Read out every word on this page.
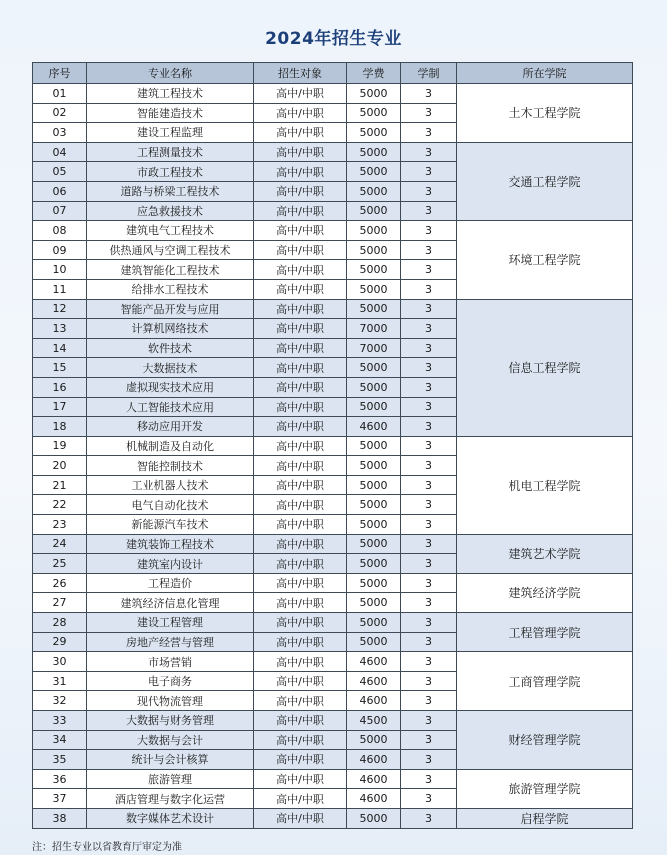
2024年招生专业
序号	专业名称	招生对象	学费	学制	所在学院
01	建筑工程技术	高中/中职	5000	3	土木工程学院
02	智能建造技术	高中/中职	5000	3	
03	建设工程监理	高中/中职	5000	3	
04	工程测量技术	高中/中职	5000	3	交通工程学院
05	市政工程技术	高中/中职	5000	3	
06	道路与桥梁工程技术	高中/中职	5000	3	
07	应急救援技术	高中/中职	5000	3	
08	建筑电气工程技术	高中/中职	5000	3	环境工程学院
09	供热通风与空调工程技术	高中/中职	5000	3	
10	建筑智能化工程技术	高中/中职	5000	3	
11	给排水工程技术	高中/中职	5000	3	
12	智能产品开发与应用	高中/中职	5000	3	信息工程学院
13	计算机网络技术	高中/中职	7000	3	
14	软件技术	高中/中职	7000	3	
15	大数据技术	高中/中职	5000	3	
16	虚拟现实技术应用	高中/中职	5000	3	
17	人工智能技术应用	高中/中职	5000	3	
18	移动应用开发	高中/中职	4600	3	
19	机械制造及自动化	高中/中职	5000	3	机电工程学院
20	智能控制技术	高中/中职	5000	3	
21	工业机器人技术	高中/中职	5000	3	
22	电气自动化技术	高中/中职	5000	3	
23	新能源汽车技术	高中/中职	5000	3	
24	建筑装饰工程技术	高中/中职	5000	3	建筑艺术学院
25	建筑室内设计	高中/中职	5000	3	
26	工程造价	高中/中职	5000	3	建筑经济学院
27	建筑经济信息化管理	高中/中职	5000	3	
28	建设工程管理	高中/中职	5000	3	工程管理学院
29	房地产经营与管理	高中/中职	5000	3	
30	市场营销	高中/中职	4600	3	工商管理学院
31	电子商务	高中/中职	4600	3	
32	现代物流管理	高中/中职	4600	3	
33	大数据与财务管理	高中/中职	4500	3	财经管理学院
34	大数据与会计	高中/中职	5000	3	
35	统计与会计核算	高中/中职	4600	3	
36	旅游管理	高中/中职	4600	3	旅游管理学院
37	酒店管理与数字化运营	高中/中职	4600	3	
38	数字媒体艺术设计	高中/中职	5000	3	启程学院
注：招生专业以省教育厅审定为准
